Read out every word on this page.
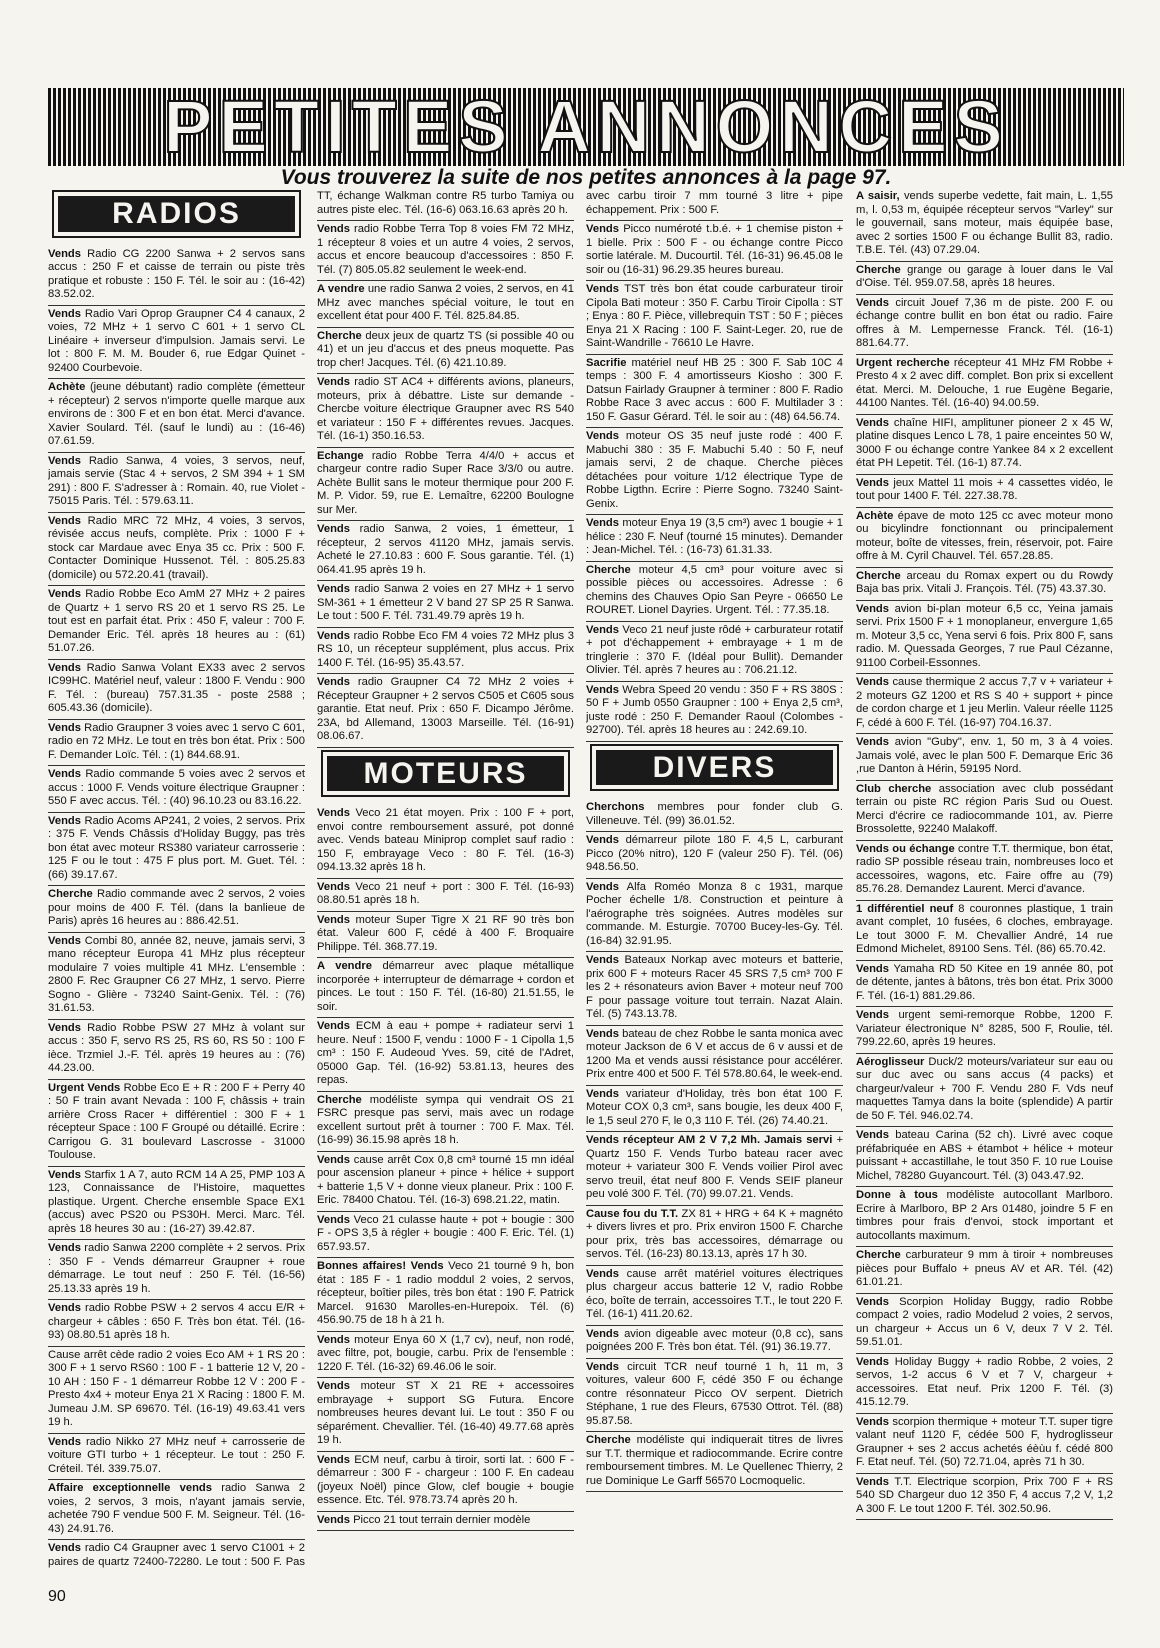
PETITES ANNONCES
Vous trouverez la suite de nos petites annonces à la page 97.
RADIOS

Vends Radio CG 2200 Sanwa + 2 servos sans accus : 250 F et caisse de terrain ou piste très pratique et robuste : 150 F. Tél. le soir au : (16-42) 83.52.02.

Vends Radio Vari Oprop Graupner C4 4 canaux, 2 voies, 72 MHz + 1 servo C 601 + 1 servo CL Linéaire + inverseur d'impulsion. Jamais servi. Le lot : 800 F. M. M. Bouder 6, rue Edgar Quinet - 92400 Courbevoie.

Achète (jeune débutant) radio complète (émetteur + récepteur) 2 servos n'importe quelle marque aux environs de : 300 F et en bon état. Merci d'avance. Xavier Soulard. Tél. (sauf le lundi) au : (16-46) 07.61.59.

Vends Radio Sanwa, 4 voies, 3 servos, neuf, jamais servie (Stac 4 + servos, 2 SM 394 + 1 SM 291) : 800 F. S'adresser à : Romain. 40, rue Violet - 75015 Paris. Tél. : 579.63.11.

Vends Radio MRC 72 MHz, 4 voies, 3 servos, révisée accus neufs, complète. Prix : 1000 F + stock car Mardaue avec Enya 35 cc. Prix : 500 F. Contacter Dominique Hussenot. Tél. : 805.25.83 (domicile) ou 572.20.41 (travail).

Vends Radio Robbe Eco AmM 27 MHz + 2 paires de Quartz + 1 servo RS 20 et 1 servo RS 25. Le tout est en parfait état. Prix : 450 F, valeur : 700 F. Demander Eric. Tél. après 18 heures au : (61) 51.07.26.

Vends Radio Sanwa Volant EX33 avec 2 servos IC99HC. Matériel neuf, valeur : 1800 F. Vendu : 900 F. Tél. : (bureau) 757.31.35 - poste 2588 ; 605.43.36 (domicile).

Vends Radio Graupner 3 voies avec 1 servo C 601, radio en 72 MHz. Le tout en très bon état. Prix : 500 F. Demander Loïc. Tél. : (1) 844.68.91.

Vends Radio commande 5 voies avec 2 servos et accus : 1000 F. Vends voiture électrique Graupner : 550 F avec accus. Tél. : (40) 96.10.23 ou 83.16.22.

Vends Radio Acoms AP241, 2 voies, 2 servos. Prix : 375 F. Vends Châssis d'Holiday Buggy, pas très bon état avec moteur RS380 variateur carrosserie : 125 F ou le tout : 475 F plus port. M. Guet. Tél. : (66) 39.17.67.

Cherche Radio commande avec 2 servos, 2 voies pour moins de 400 F. Tél. (dans la banlieue de Paris) après 16 heures au : 886.42.51.

Vends Combi 80, année 82, neuve, jamais servi, 3 mano récepteur Europa 41 MHz plus récepteur modulaire 7 voies multiple 41 MHz. L'ensemble : 2800 F. Rec Graupner C6 27 MHz, 1 servo. Pierre Sogno - Glière - 73240 Saint-Genix. Tél. : (76) 31.61.53.

Vends Radio Robbe PSW 27 MHz à volant sur accus : 350 F, servo RS 25, RS 60, RS 50 : 100 F ièce. Trzmiel J.-F. Tél. après 19 heures au : (76) 44.23.00.

Urgent Vends Robbe Eco E + R : 200 F + Perry 40 : 50 F train avant Nevada : 100 F, châssis + train arrière Cross Racer + différentiel : 300 F + 1 récepteur Space : 100 F Groupé ou détaillé. Ecrire : Carrigou G. 31 boulevard Lascrosse - 31000 Toulouse.

Vends Starfix 1 A 7, auto RCM 14 A 25, PMP 103 A 123, Connaissance de l'Histoire, maquettes plastique. Urgent. Cherche ensemble Space EX1 (accus) avec PS20 ou PS30H. Merci. Marc. Tél. après 18 heures 30 au : (16-27) 39.42.87.

Vends radio Sanwa 2200 complète + 2 servos. Prix : 350 F - Vends démarreur Graupner + roue démarrage. Le tout neuf : 250 F. Tél. (16-56) 25.13.33 après 19 h.

Vends radio Robbe PSW + 2 servos 4 accu E/R + chargeur + câbles : 650 F. Très bon état. Tél. (16-93) 08.80.51 après 18 h.

Cause arrêt cède radio 2 voies Eco AM + 1 RS 20 : 300 F + 1 servo RS60 : 100 F - 1 batterie 12 V, 20 - 10 AH : 150 F - 1 démarreur Robbe 12 V : 200 F - Presto 4x4 + moteur Enya 21 X Racing : 1800 F. M. Jumeau J.M. SP 69670. Tél. (16-19) 49.63.41 vers 19 h.

Vends radio Nikko 27 MHz neuf + carrosserie de voiture GTI turbo + 1 récepteur. Le tout : 250 F. Créteil. Tél. 339.75.07.

Affaire exceptionnelle vends radio Sanwa 2 voies, 2 servos, 3 mois, n'ayant jamais servie, achetée 790 F vendue 500 F. M. Seigneur. Tél. (16-43) 24.91.76.

Vends radio C4 Graupner avec 1 servo C1001 + 2 paires de quartz 72400-72280. Le tout : 500 F. Pas

TT, échange Walkman contre R5 turbo Tamiya ou autres piste elec. Tél. (16-6) 063.16.63 après 20 h.

Vends radio Robbe Terra Top 8 voies FM 72 MHz, 1 récepteur 8 voies et un autre 4 voies, 2 servos, accus et encore beaucoup d'accessoires : 850 F. Tél. (7) 805.05.82 seulement le week-end.

A vendre une radio Sanwa 2 voies, 2 servos, en 41 MHz avec manches spécial voiture, le tout en excellent état pour 400 F. Tél. 825.84.85.

Cherche deux jeux de quartz TS (si possible 40 ou 41) et un jeu d'accus et des pneus moquette. Pas trop cher! Jacques. Tél. (6) 421.10.89.

Vends radio ST AC4 + différents avions, planeurs, moteurs, prix à débattre. Liste sur demande - Chercbe voiture électrique Graupner avec RS 540 et variateur : 150 F + différentes revues. Jacques. Tél. (16-1) 350.16.53.

Echange radio Robbe Terra 4/4/0 + accus et chargeur contre radio Super Race 3/3/0 ou autre. Achète Bullit sans le moteur thermique pour 200 F. M. P. Vidor. 59, rue E. Lemaître, 62200 Boulogne sur Mer.

Vends radio Sanwa, 2 voies, 1 émetteur, 1 récepteur, 2 servos 41120 MHz, jamais servis. Acheté le 27.10.83 : 600 F. Sous garantie. Tél. (1) 064.41.95 après 19 h.

Vends radio Sanwa 2 voies en 27 MHz + 1 servo SM-361 + 1 émetteur 2 V band 27 SP 25 R Sanwa. Le tout : 500 F. Tél. 731.49.79 après 19 h.

Vends radio Robbe Eco FM 4 voies 72 MHz plus 3 RS 10, un récepteur supplément, plus accus. Prix 1400 F. Tél. (16-95) 35.43.57.

Vends radio Graupner C4 72 MHz 2 voies + Récepteur Graupner + 2 servos C505 et C605 sous garantie. Etat neuf. Prix : 650 F. Dicampo Jérôme. 23A, bd Allemand, 13003 Marseille. Tél. (16-91) 08.06.67.

MOTEURS

Vends Veco 21 état moyen. Prix : 100 F + port, envoi contre remboursement assuré, pot donné avec. Vends bateau Miniprop complet sauf radio : 150 F, embrayage Veco : 80 F. Tél. (16-3) 094.13.32 après 18 h.

Vends Veco 21 neuf + port : 300 F. Tél. (16-93) 08.80.51 après 18 h.

Vends moteur Super Tigre X 21 RF 90 très bon état. Valeur 600 F, cédé à 400 F. Broquaire Philippe. Tél. 368.77.19.

A vendre démarreur avec plaque métallique incorporée + interrupteur de démarrage + cordon et pinces. Le tout : 150 F. Tél. (16-80) 21.51.55, le soir.

Vends ECM à eau + pompe + radiateur servi 1 heure. Neuf : 1500 F, vendu : 1000 F - 1 Cipolla 1,5 cm³ : 150 F. Audeoud Yves. 59, cité de l'Adret, 05000 Gap. Tél. (16-92) 53.81.13, heures des repas.

Cherche modéliste sympa qui vendrait OS 21 FSRC presque pas servi, mais avec un rodage excellent surtout prêt à tourner : 700 F. Max. Tél. (16-99) 36.15.98 après 18 h.

Vends cause arrêt Cox 0,8 cm³ tourné 15 mn idéal pour ascension planeur + pince + hélice + support + batterie 1,5 V + donne vieux planeur. Prix : 100 F. Eric. 78400 Chatou. Tél. (16-3) 698.21.22, matin.

Vends Veco 21 culasse haute + pot + bougie : 300 F - OPS 3,5 à régler + bougie : 400 F. Eric. Tél. (1) 657.93.57.

Bonnes affaires! Vends Veco 21 tourné 9 h, bon état : 185 F - 1 radio moddul 2 voies, 2 servos, récepteur, boîtier piles, très bon état : 190 F. Patrick Marcel. 91630 Marolles-en-Hurepoix. Tél. (6) 456.90.75 de 18 h à 21 h.

Vends moteur Enya 60 X (1,7 cv), neuf, non rodé, avec filtre, pot, bougie, carbu. Prix de l'ensemble : 1220 F. Tél. (16-32) 69.46.06 le soir.

Vends moteur ST X 21 RE + accessoires embrayage + support SG Futura. Encore nombreuses heures devant lui. Le tout : 350 F ou séparément. Chevallier. Tél. (16-40) 49.77.68 après 19 h.

Vends ECM neuf, carbu à tiroir, sorti lat. : 600 F - démarreur : 300 F - chargeur : 100 F. En cadeau (joyeux Noël) pince Glow, clef bougie + bougie essence. Etc. Tél. 978.73.74 après 20 h.

Vends Picco 21 tout terrain dernier modèle

avec carbu tiroir 7 mm tourné 3 litre + pipe échappement. Prix : 500 F.

Vends Picco numéroté t.b.é. + 1 chemise piston + 1 bielle. Prix : 500 F - ou échange contre Picco sortie latérale. M. Ducourtil. Tél. (16-31) 96.45.08 le soir ou (16-31) 96.29.35 heures bureau.

Vends TST très bon état coude carburateur tiroir Cipola Bati moteur : 350 F. Carbu Tiroir Cipolla : ST ; Enya : 80 F. Pièce, villebrequin TST : 50 F ; pièces Enya 21 X Racing : 100 F. Saint-Leger. 20, rue de Saint-Wandrille - 76610 Le Havre.

Sacrifie matériel neuf HB 25 : 300 F. Sab 10C 4 temps : 300 F. 4 amortisseurs Kiosho : 300 F. Datsun Fairlady Graupner à terminer : 800 F. Radio Robbe Race 3 avec accus : 600 F. Multilader 3 : 150 F. Gasur Gérard. Tél. le soir au : (48) 64.56.74.

Vends moteur OS 35 neuf juste rodé : 400 F. Mabuchi 380 : 35 F. Mabuchi 5.40 : 50 F, neuf jamais servi, 2 de chaque. Cherche pièces détachées pour voiture 1/12 électrique Type de Robbe Ligthn. Ecrire : Pierre Sogno. 73240 Saint-Genix.

Vends moteur Enya 19 (3,5 cm³) avec 1 bougie + 1 hélice : 230 F. Neuf (tourné 15 minutes). Demander : Jean-Michel. Tél. : (16-73) 61.31.33.

Cherche moteur 4,5 cm³ pour voiture avec si possible pièces ou accessoires. Adresse : 6 chemins des Chauves Opio San Peyre - 06650 Le ROURET. Lionel Dayries. Urgent. Tél. : 77.35.18.

Vends Veco 21 neuf juste rôdé + carburateur rotatif + pot d'échappement + embrayage + 1 m de tringlerie : 370 F. (Idéal pour Bullit). Demander Olivier. Tél. après 7 heures au : 706.21.12.

Vends Webra Speed 20 vendu : 350 F + RS 380S : 50 F + Jumb 0550 Graupner : 100 + Enya 2,5 cm³, juste rodé : 250 F. Demander Raoul (Colombes - 92700). Tél. après 18 heures au : 242.69.10.

DIVERS

Cherchons membres pour fonder club G. Villeneuve. Tél. (99) 36.01.52.

Vends démarreur pilote 180 F. 4,5 L, carburant Picco (20% nitro), 120 F (valeur 250 F). Tél. (06) 948.56.50.

Vends Alfa Roméo Monza 8 c 1931, marque Pocher échelle 1/8. Construction et peinture à l'aérographe très soignées. Autres modèles sur commande. M. Esturgie. 70700 Bucey-les-Gy. Tél. (16-84) 32.91.95.

Vends Bateaux Norkap avec moteurs et batterie, prix 600 F + moteurs Racer 45 SRS 7,5 cm³ 700 F les 2 + résonateurs avion Baver + moteur neuf 700 F pour passage voiture tout terrain. Nazat Alain. Tél. (5) 743.13.78.

Vends bateau de chez Robbe le santa monica avec moteur Jackson de 6 V et accus de 6 v aussi et de 1200 Ma et vends aussi résistance pour accélérer. Prix entre 400 et 500 F. Tél 578.80.64, le week-end.

Vends variateur d'Holiday, très bon état 100 F. Moteur COX 0,3 cm³, sans bougie, les deux 400 F, le 1,5 seul 270 F, le 0,3 110 F. Tél. (26) 74.40.21.

Vends récepteur AM 2 V 7,2 Mh. Jamais servi + Quartz 150 F. Vends Turbo bateau racer avec moteur + variateur 300 F. Vends voilier Pirol avec servo treuil, état neuf 800 F. Vends SEIF planeur peu volé 300 F. Tél. (70) 99.07.21. Vends.

Cause fou du T.T. ZX 81 + HRG + 64 K + magnéto + divers livres et pro. Prix environ 1500 F. Charche pour prix, très bas accessoires, démarrage ou servos. Tél. (16-23) 80.13.13, après 17 h 30.

Vends cause arrêt matériel voitures électriques plus chargeur accus batterie 12 V, radio Robbe éco, boîte de terrain, accessoires T.T., le tout 220 F. Tél. (16-1) 411.20.62.

Vends avion digeable avec moteur (0,8 cc), sans poignées 200 F. Très bon état. Tél. (91) 36.19.77.

Vends circuit TCR neuf tourné 1 h, 11 m, 3 voitures, valeur 600 F, cédé 350 F ou échange contre résonnateur Picco OV serpent. Dietrich Stéphane, 1 rue des Fleurs, 67530 Ottrot. Tél. (88) 95.87.58.

Cherche modéliste qui indiquerait titres de livres sur T.T. thermique et radiocommande. Ecrire contre remboursement timbres. M. Le Quellenec Thierry, 2 rue Dominique Le Garff 56570 Locmoquelic.

A saisir, vends superbe vedette, fait main, L. 1,55 m, l. 0,53 m, équipée récepteur servos "Varley" sur le gouvernail, sans moteur, mais équipée base, avec 2 sorties 1500 F ou échange Bullit 83, radio. T.B.E. Tél. (43) 07.29.04.

Cherche grange ou garage à louer dans le Val d'Oise. Tél. 959.07.58, après 18 heures.

Vends circuit Jouef 7,36 m de piste. 200 F. ou échange contre bullit en bon état ou radio. Faire offres à M. Lempernesse Franck. Tél. (16-1) 881.64.77.

Urgent recherche récepteur 41 MHz FM Robbe + Presto 4 x 2 avec diff. complet. Bon prix si excellent état. Merci. M. Delouche, 1 rue Eugène Begarie, 44100 Nantes. Tél. (16-40) 94.00.59.

Vends chaîne HIFI, amplituner pioneer 2 x 45 W, platine disques Lenco L 78, 1 paire enceintes 50 W, 3000 F ou échange contre Yankee 84 x 2 excellent état PH Lepetit. Tél. (16-1) 87.74.

Vends jeux Mattel 11 mois + 4 cassettes vidéo, le tout pour 1400 F. Tél. 227.38.78.

Achète épave de moto 125 cc avec moteur mono ou bicylindre fonctionnant ou principalement moteur, boîte de vitesses, frein, réservoir, pot. Faire offre à M. Cyril Chauvel. Tél. 657.28.85.

Cherche arceau du Romax expert ou du Rowdy Baja bas prix. Vitali J. François. Tél. (75) 43.37.30.

Vends avion bi-plan moteur 6,5 cc, Yeina jamais servi. Prix 1500 F + 1 monoplaneur, envergure 1,65 m. Moteur 3,5 cc, Yena servi 6 fois. Prix 800 F, sans radio. M. Quessada Georges, 7 rue Paul Cézanne, 91100 Corbeil-Essonnes.

Vends cause thermique 2 accus 7,7 v + variateur + 2 moteurs GZ 1200 et RS S 40 + support + pince de cordon charge et 1 jeu Merlin. Valeur réelle 1125 F, cédé à 600 F. Tél. (16-97) 704.16.37.

Vends avion "Guby", env. 1, 50 m, 3 à 4 voies. Jamais volé, avec le plan 500 F. Demarque Eric 36 ,rue Danton à Hérin, 59195 Nord.

Club cherche association avec club possédant terrain ou piste RC région Paris Sud ou Ouest. Merci d'écrire ce radiocommande 101, av. Pierre Brossolette, 92240 Malakoff.

Vends ou échange contre T.T. thermique, bon état, radio SP possible réseau train, nombreuses loco et accessoires, wagons, etc. Faire offre au (79) 85.76.28. Demandez Laurent. Merci d'avance.

1 différentiel neuf 8 couronnes plastique, 1 train avant complet, 10 fusées, 6 cloches, embrayage. Le tout 3000 F. M. Chevallier André, 14 rue Edmond Michelet, 89100 Sens. Tél. (86) 65.70.42.

Vends Yamaha RD 50 Kitee en 19 année 80, pot de détente, jantes à bâtons, très bon état. Prix 3000 F. Tél. (16-1) 881.29.86.

Vends urgent semi-remorque Robbe, 1200 F. Variateur électronique N° 8285, 500 F, Roulie, tél. 799.22.60, après 19 heures.

Aéroglisseur Duck/2 moteurs/variateur sur eau ou sur duc avec ou sans accus (4 packs) et chargeur/valeur + 700 F. Vendu 280 F. Vds neuf maquettes Tamya dans la boite (splendide) A partir de 50 F. Tél. 946.02.74.

Vends bateau Carina (52 ch). Livré avec coque préfabriquée en ABS + étambot + hélice + moteur puissant + accastillahe, le tout 350 F. 10 rue Louise Michel, 78280 Guyancourt. Tél. (3) 043.47.92.

Donne à tous modéliste autocollant Marlboro. Ecrire à Marlboro, BP 2 Ars 01480, joindre 5 F en timbres pour frais d'envoi, stock important et autocollants maximum.

Cherche carburateur 9 mm à tiroir + nombreuses pièces pour Buffalo + pneus AV et AR. Tél. (42) 61.01.21.

Vends Scorpion Holiday Buggy, radio Robbe compact 2 voies, radio Modelud 2 voies, 2 servos, un chargeur + Accus un 6 V, deux 7 V 2. Tél. 59.51.01.

Vends Holiday Buggy + radio Robbe, 2 voies, 2 servos, 1-2 accus 6 V et 7 V, chargeur + accessoires. Etat neuf. Prix 1200 F. Tél. (3) 415.12.79.

Vends scorpion thermique + moteur T.T. super tigre valant neuf 1120 F, cédée 500 F, hydroglisseur Graupner + ses 2 accus achetés éèùu f. cédé 800 F. Etat neuf. Tél. (50) 72.71.04, après 71 h 30.

Vends T.T. Electrique scorpion, Prix 700 F + RS 540 SD Chargeur duo 12 350 F, 4 accus 7,2 V, 1,2 A 300 F. Le tout 1200 F. Tél. 302.50.96.

90
